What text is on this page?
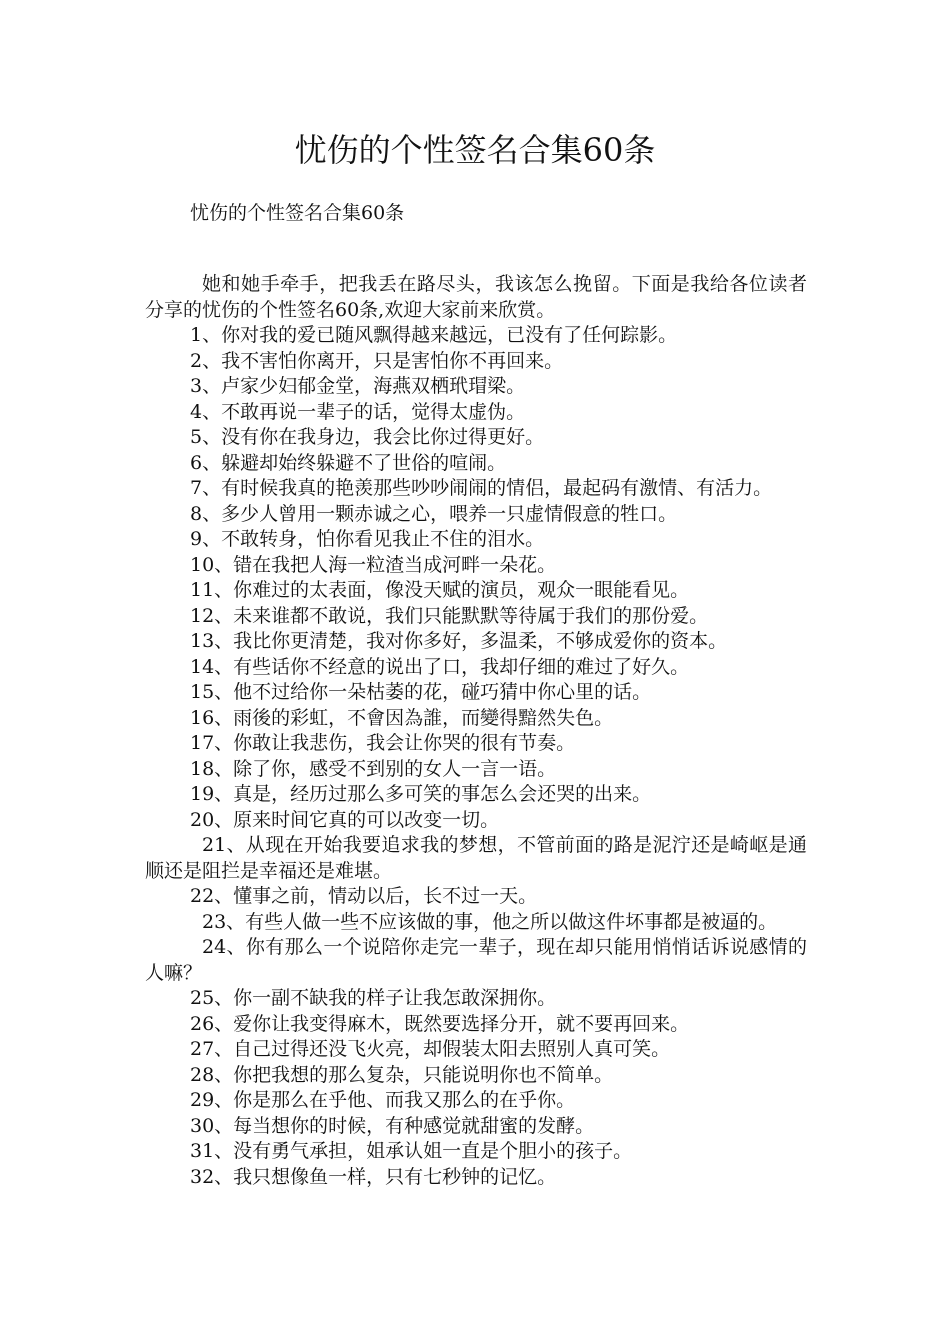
忧伤的个性签名合集60条

忧伤的个性签名合集60条

她和她手牵手，把我丢在路尽头，我该怎么挽留。下面是我给各位读者分享的忧伤的个性签名60条,欢迎大家前来欣赏。

1、你对我的爱已随风飘得越来越远，已没有了任何踪影。

2、我不害怕你离开，只是害怕你不再回来。

3、卢家少妇郁金堂，海燕双栖玳瑁梁。

4、不敢再说一辈子的话，觉得太虚伪。

5、没有你在我身边，我会比你过得更好。

6、躲避却始终躲避不了世俗的喧闹。

7、有时候我真的艳羡那些吵吵闹闹的情侣，最起码有激情、有活力。

8、多少人曾用一颗赤诚之心，喂养一只虚情假意的牲口。

9、不敢转身，怕你看见我止不住的泪水。

10、错在我把人海一粒渣当成河畔一朵花。

11、你难过的太表面，像没天赋的演员，观众一眼能看见。

12、未来谁都不敢说，我们只能默默等待属于我们的那份爱。

13、我比你更清楚，我对你多好，多温柔，不够成爱你的资本。

14、有些话你不经意的说出了口，我却仔细的难过了好久。

15、他不过给你一朵枯萎的花，碰巧猜中你心里的话。

16、雨後的彩虹，不會因為誰，而變得黯然失色。

17、你敢让我悲伤，我会让你哭的很有节奏。

18、除了你，感受不到别的女人一言一语。

19、真是，经历过那么多可笑的事怎么会还哭的出来。

20、原来时间它真的可以改变一切。

21、从现在开始我要追求我的梦想，不管前面的路是泥泞还是崎岖是通顺还是阻拦是幸福还是难堪。

22、懂事之前，情动以后，长不过一天。

23、有些人做一些不应该做的事，他之所以做这件坏事都是被逼的。

24、你有那么一个说陪你走完一辈子，现在却只能用悄悄话诉说感情的人嘛？

25、你一副不缺我的样子让我怎敢深拥你。

26、爱你让我变得麻木，既然要选择分开，就不要再回来。

27、自己过得还没飞火亮，却假装太阳去照别人真可笑。

28、你把我想的那么复杂，只能说明你也不简单。

29、你是那么在乎他、而我又那么的在乎你。

30、每当想你的时候，有种感觉就甜蜜的发酵。

31、没有勇气承担，姐承认姐一直是个胆小的孩子。

32、我只想像鱼一样，只有七秒钟的记忆。
